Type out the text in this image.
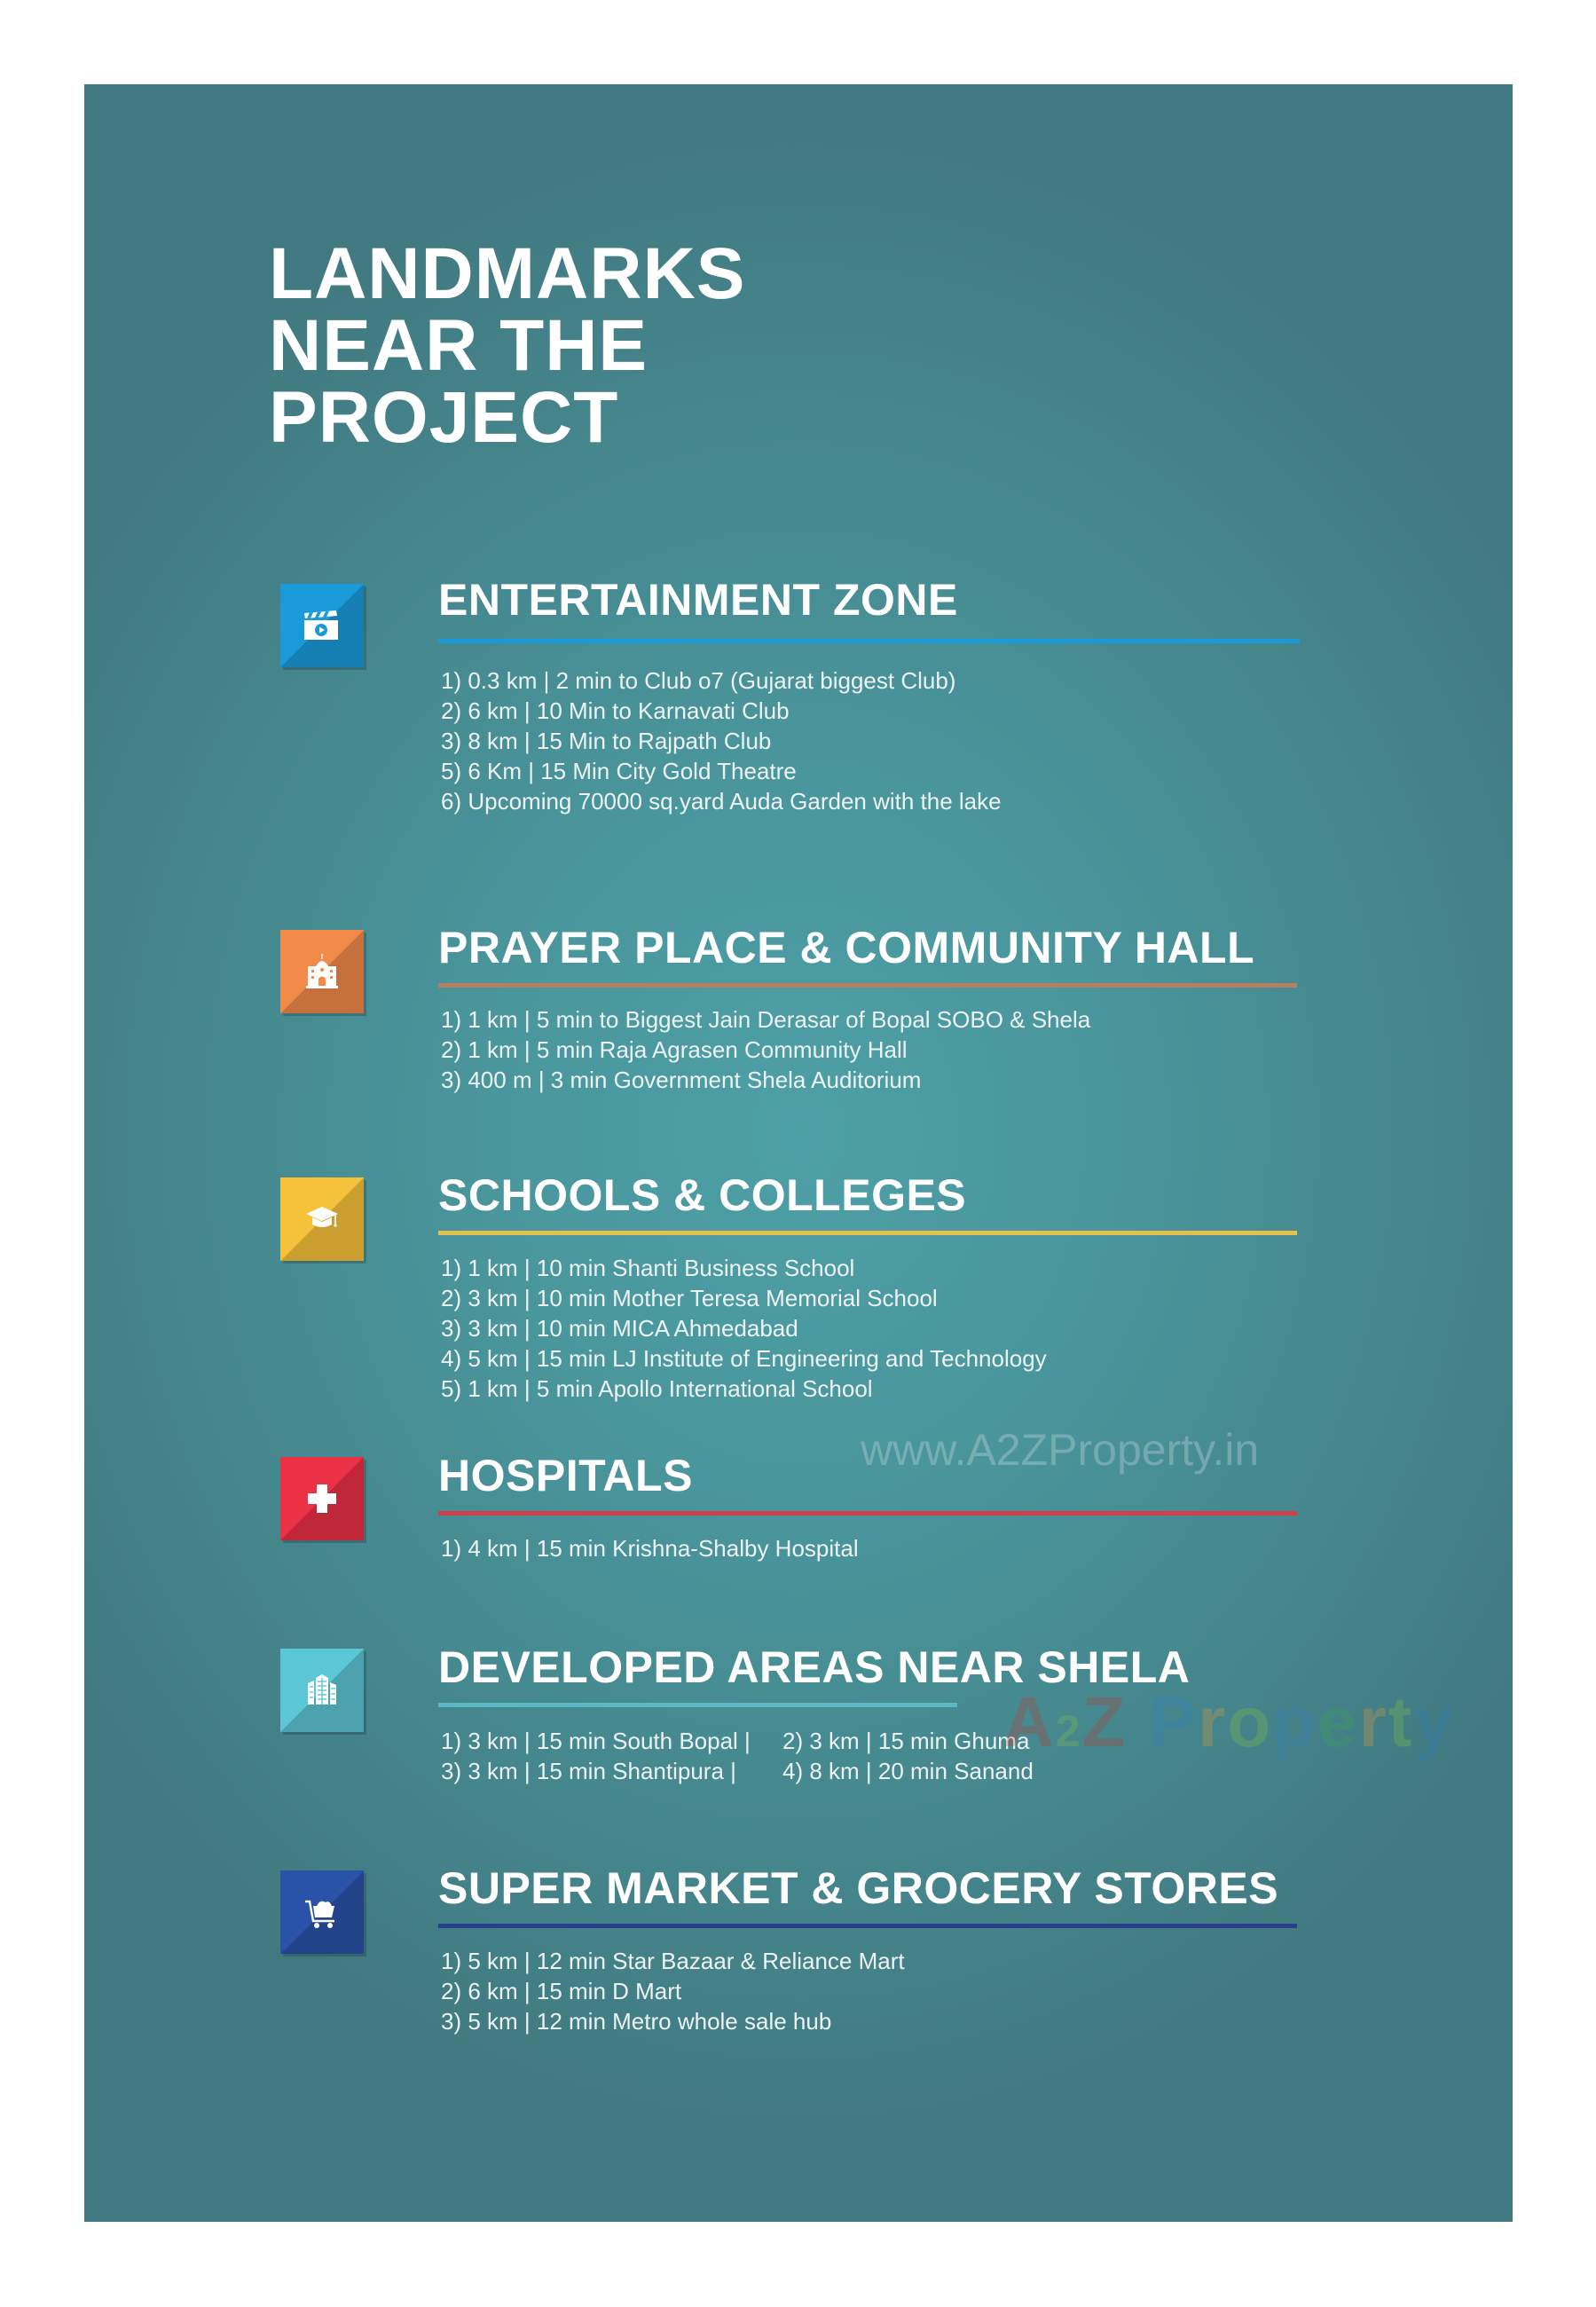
LANDMARKS
NEAR THE
PROJECT
www.A2ZProperty.in
ENTERTAINMENT ZONE
1) 0.3 km | 2 min to Club o7 (Gujarat biggest Club)
2) 6 km | 10 Min to Karnavati Club
3) 8 km | 15 Min to Rajpath Club
5) 6 Km | 15 Min City Gold Theatre
6) Upcoming 70000 sq.yard Auda Garden with the lake
PRAYER PLACE & COMMUNITY HALL
1) 1 km | 5 min to Biggest Jain Derasar of Bopal SOBO & Shela
2) 1 km | 5 min Raja Agrasen Community Hall
3) 400 m | 3 min Government Shela Auditorium
SCHOOLS & COLLEGES
1) 1 km | 10 min Shanti Business School
2) 3 km | 10 min Mother Teresa Memorial School
3) 3 km | 10 min MICA Ahmedabad
4) 5 km | 15 min LJ Institute of Engineering and Technology
5) 1 km | 5 min Apollo International School
HOSPITALS
1) 4 km | 15 min Krishna-Shalby Hospital
DEVELOPED AREAS NEAR SHELA
1) 3 km | 15 min South Bopal |	2) 3 km | 15 min Ghuma
3) 3 km | 15 min Shantipura |	4) 8 km | 20 min Sanand
SUPER MARKET & GROCERY STORES
1) 5 km | 12 min Star Bazaar & Reliance Mart
2) 6 km | 15 min D Mart
3) 5 km | 12 min Metro whole sale hub
A2Z Property
